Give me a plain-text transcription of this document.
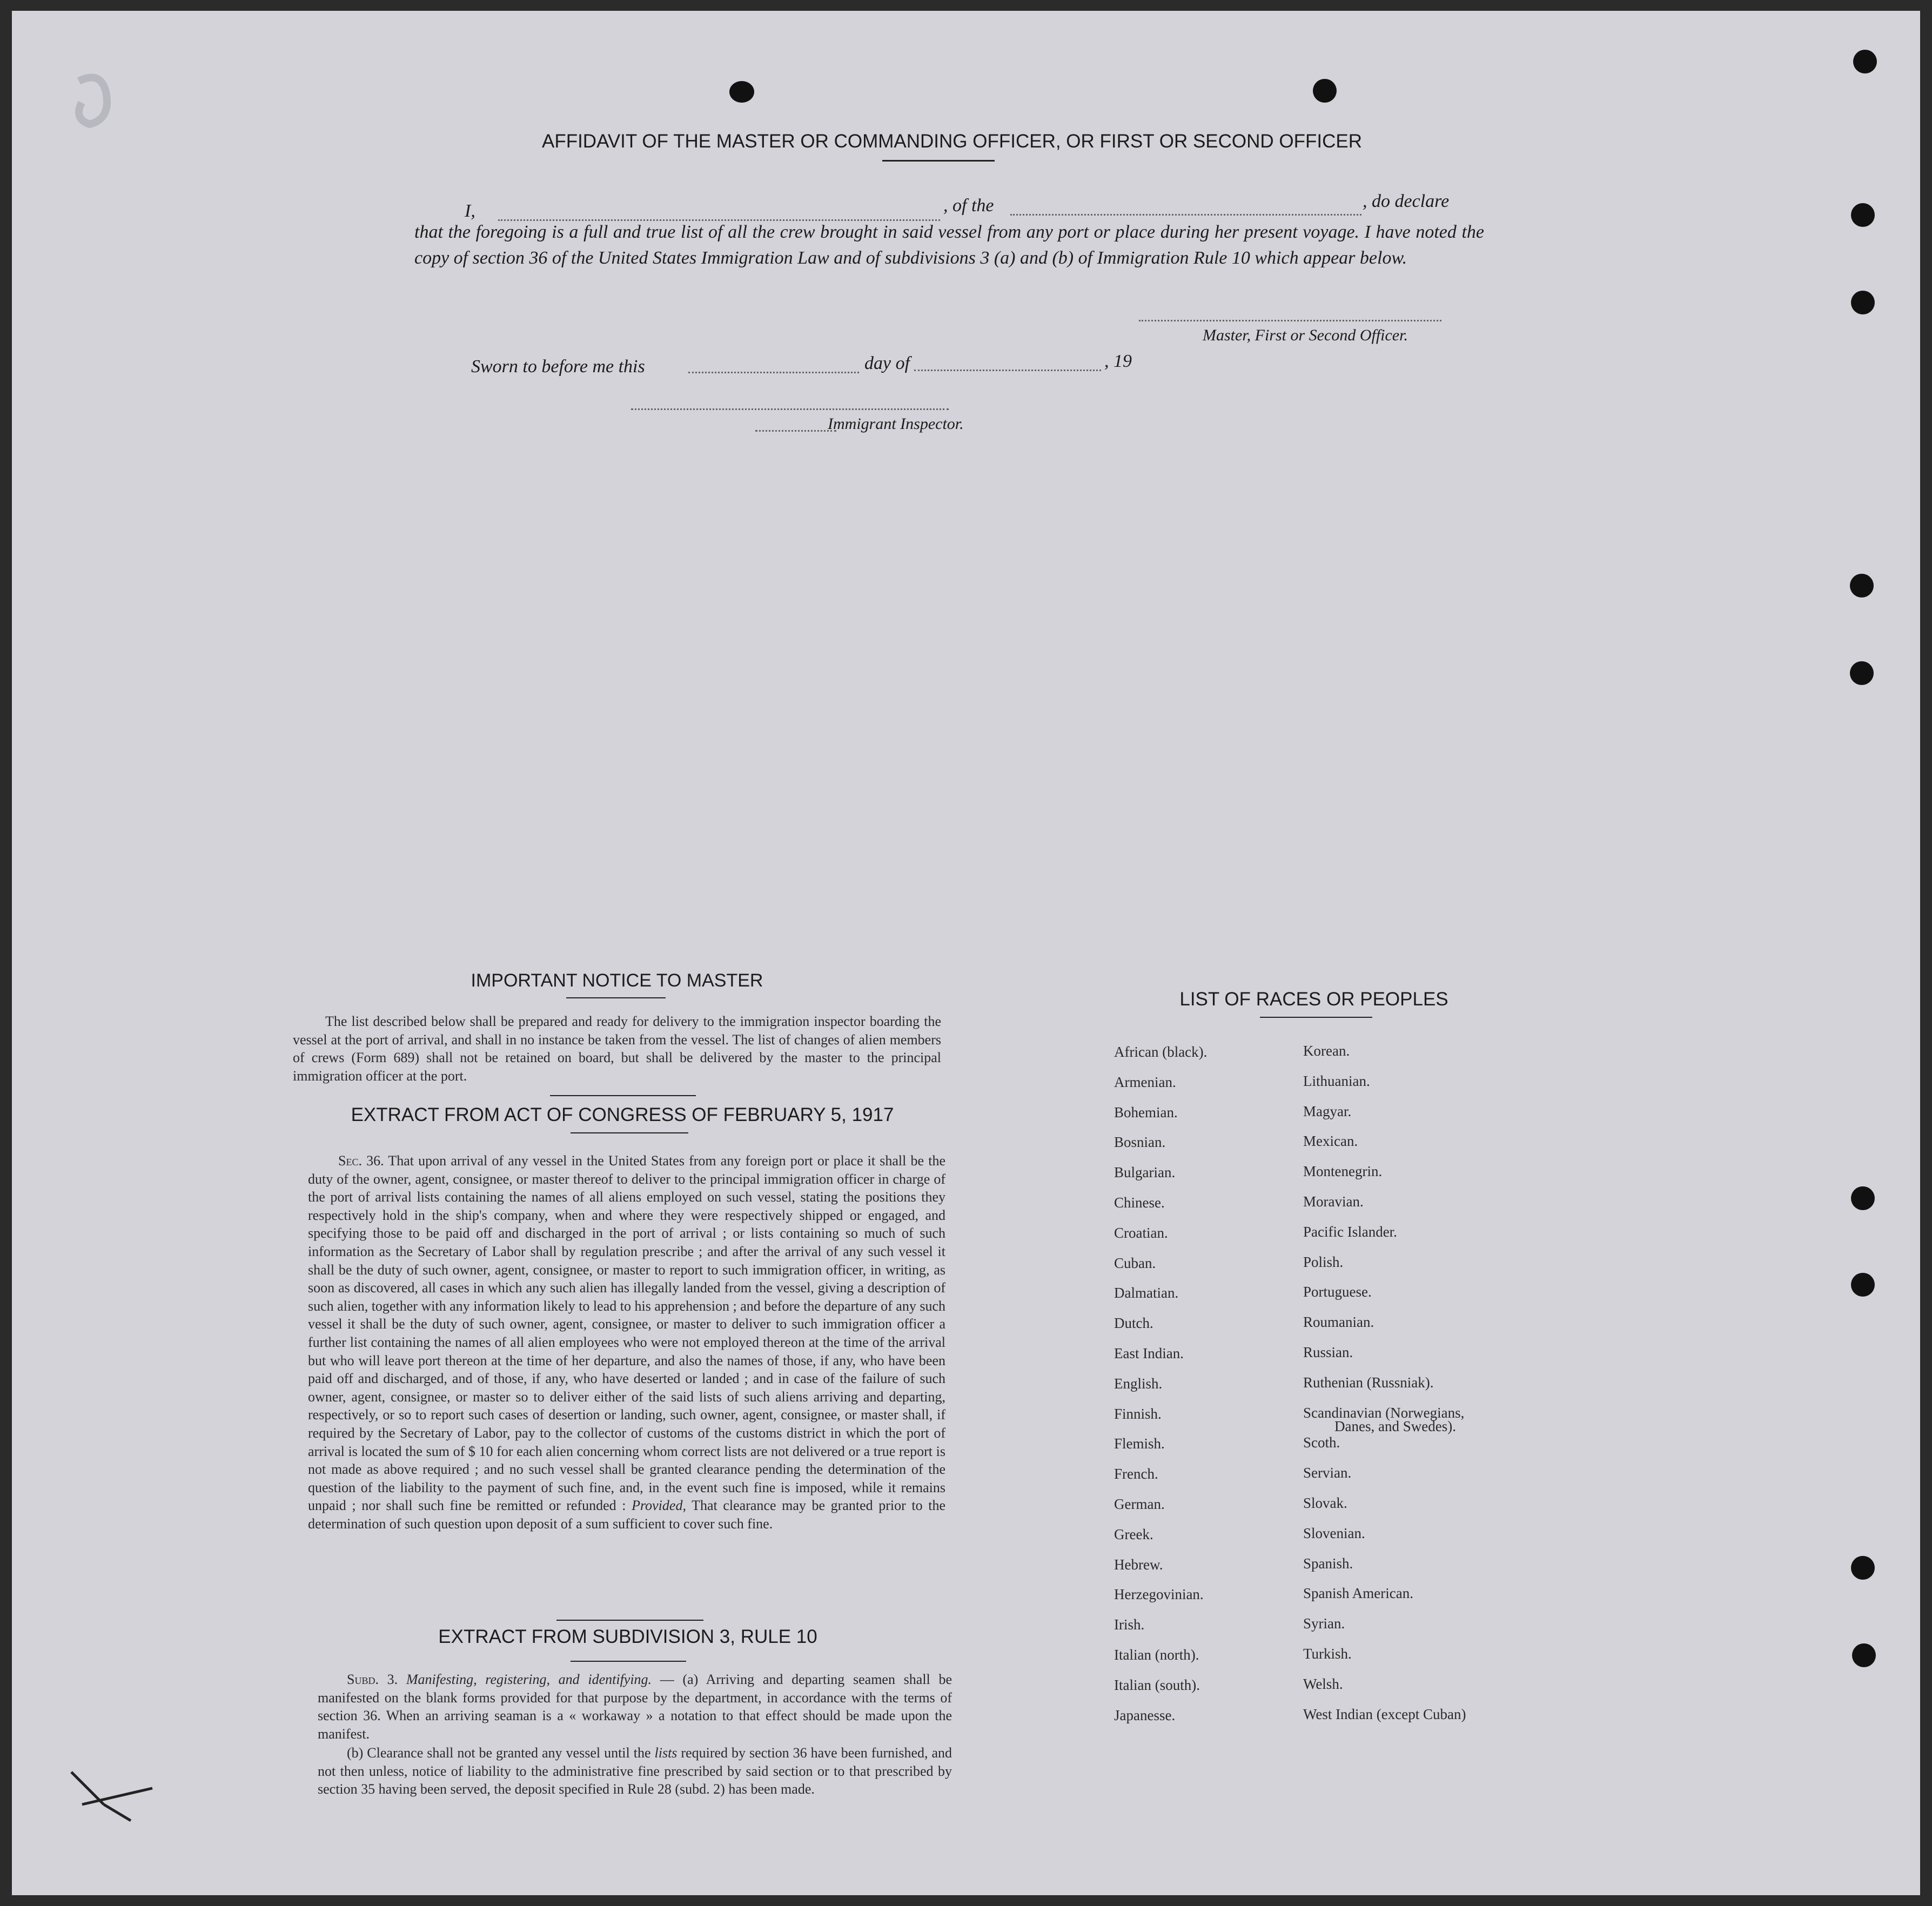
AFFIDAVIT OF THE MASTER OR COMMANDING OFFICER, OR FIRST OR SECOND OFFICER
I,	, of the	, do declare
that the foregoing is a full and true list of all the crew brought in said vessel from any port or place during her present voyage. I have noted the copy of section 36 of the United States Immigration Law and of subdivisions 3 (a) and (b) of Immigration Rule 10 which appear below.
Master, First or Second Officer.
Sworn to before me this	day of	, 19
Immigrant Inspector.
IMPORTANT NOTICE TO MASTER
The list described below shall be prepared and ready for delivery to the immigration inspector boarding the vessel at the port of arrival, and shall in no instance be taken from the vessel. The list of changes of alien members of crews (Form 689) shall not be retained on board, but shall be delivered by the master to the principal immigration officer at the port.
EXTRACT FROM ACT OF CONGRESS OF FEBRUARY 5, 1917
Sec. 36. That upon arrival of any vessel in the United States from any foreign port or place it shall be the duty of the owner, agent, consignee, or master thereof to deliver to the principal immigration officer in charge of the port of arrival lists containing the names of all aliens employed on such vessel, stating the positions they respectively hold in the ship's company, when and where they were respectively shipped or engaged, and specifying those to be paid off and discharged in the port of arrival ; or lists containing so much of such information as the Secretary of Labor shall by regulation prescribe ; and after the arrival of any such vessel it shall be the duty of such owner, agent, consignee, or master to report to such immigration officer, in writing, as soon as discovered, all cases in which any such alien has illegally landed from the vessel, giving a description of such alien, together with any information likely to lead to his apprehension ; and before the departure of any such vessel it shall be the duty of such owner, agent, consignee, or master to deliver to such immigration officer a further list containing the names of all alien employees who were not employed thereon at the time of the arrival but who will leave port thereon at the time of her departure, and also the names of those, if any, who have been paid off and discharged, and of those, if any, who have deserted or landed ; and in case of the failure of such owner, agent, consignee, or master so to deliver either of the said lists of such aliens arriving and departing, respectively, or so to report such cases of desertion or landing, such owner, agent, consignee, or master shall, if required by the Secretary of Labor, pay to the collector of customs of the customs district in which the port of arrival is located the sum of $ 10 for each alien concerning whom correct lists are not delivered or a true report is not made as above required ; and no such vessel shall be granted clearance pending the determination of the question of the liability to the payment of such fine, and, in the event such fine is imposed, while it remains unpaid ; nor shall such fine be remitted or refunded : Provided, That clearance may be granted prior to the determination of such question upon deposit of a sum sufficient to cover such fine.
EXTRACT FROM SUBDIVISION 3, RULE 10
Subd. 3. Manifesting, registering, and identifying. — (a) Arriving and departing seamen shall be manifested on the blank forms provided for that purpose by the department, in accordance with the terms of section 36. When an arriving seaman is a « workaway » a notation to that effect should be made upon the manifest.
(b) Clearance shall not be granted any vessel until the lists required by section 36 have been furnished, and not then unless, notice of liability to the administrative fine prescribed by said section or to that prescribed by section 35 having been served, the deposit specified in Rule 28 (subd. 2) has been made.
LIST OF RACES OR PEOPLES
African (black).
Armenian.
Bohemian.
Bosnian.
Bulgarian.
Chinese.
Croatian.
Cuban.
Dalmatian.
Dutch.
East Indian.
English.
Finnish.
Flemish.
French.
German.
Greek.
Hebrew.
Herzegovinian.
Irish.
Italian (north).
Italian (south).
Japanesse.
Korean.
Lithuanian.
Magyar.
Mexican.
Montenegrin.
Moravian.
Pacific Islander.
Polish.
Portuguese.
Roumanian.
Russian.
Ruthenian (Russniak).
Scandinavian (Norwegians,
Scoth.
Servian.
Slovak.
Slovenian.
Spanish.
Spanish American.
Syrian.
Turkish.
Welsh.
West Indian (except Cuban)
Danes, and Swedes).
